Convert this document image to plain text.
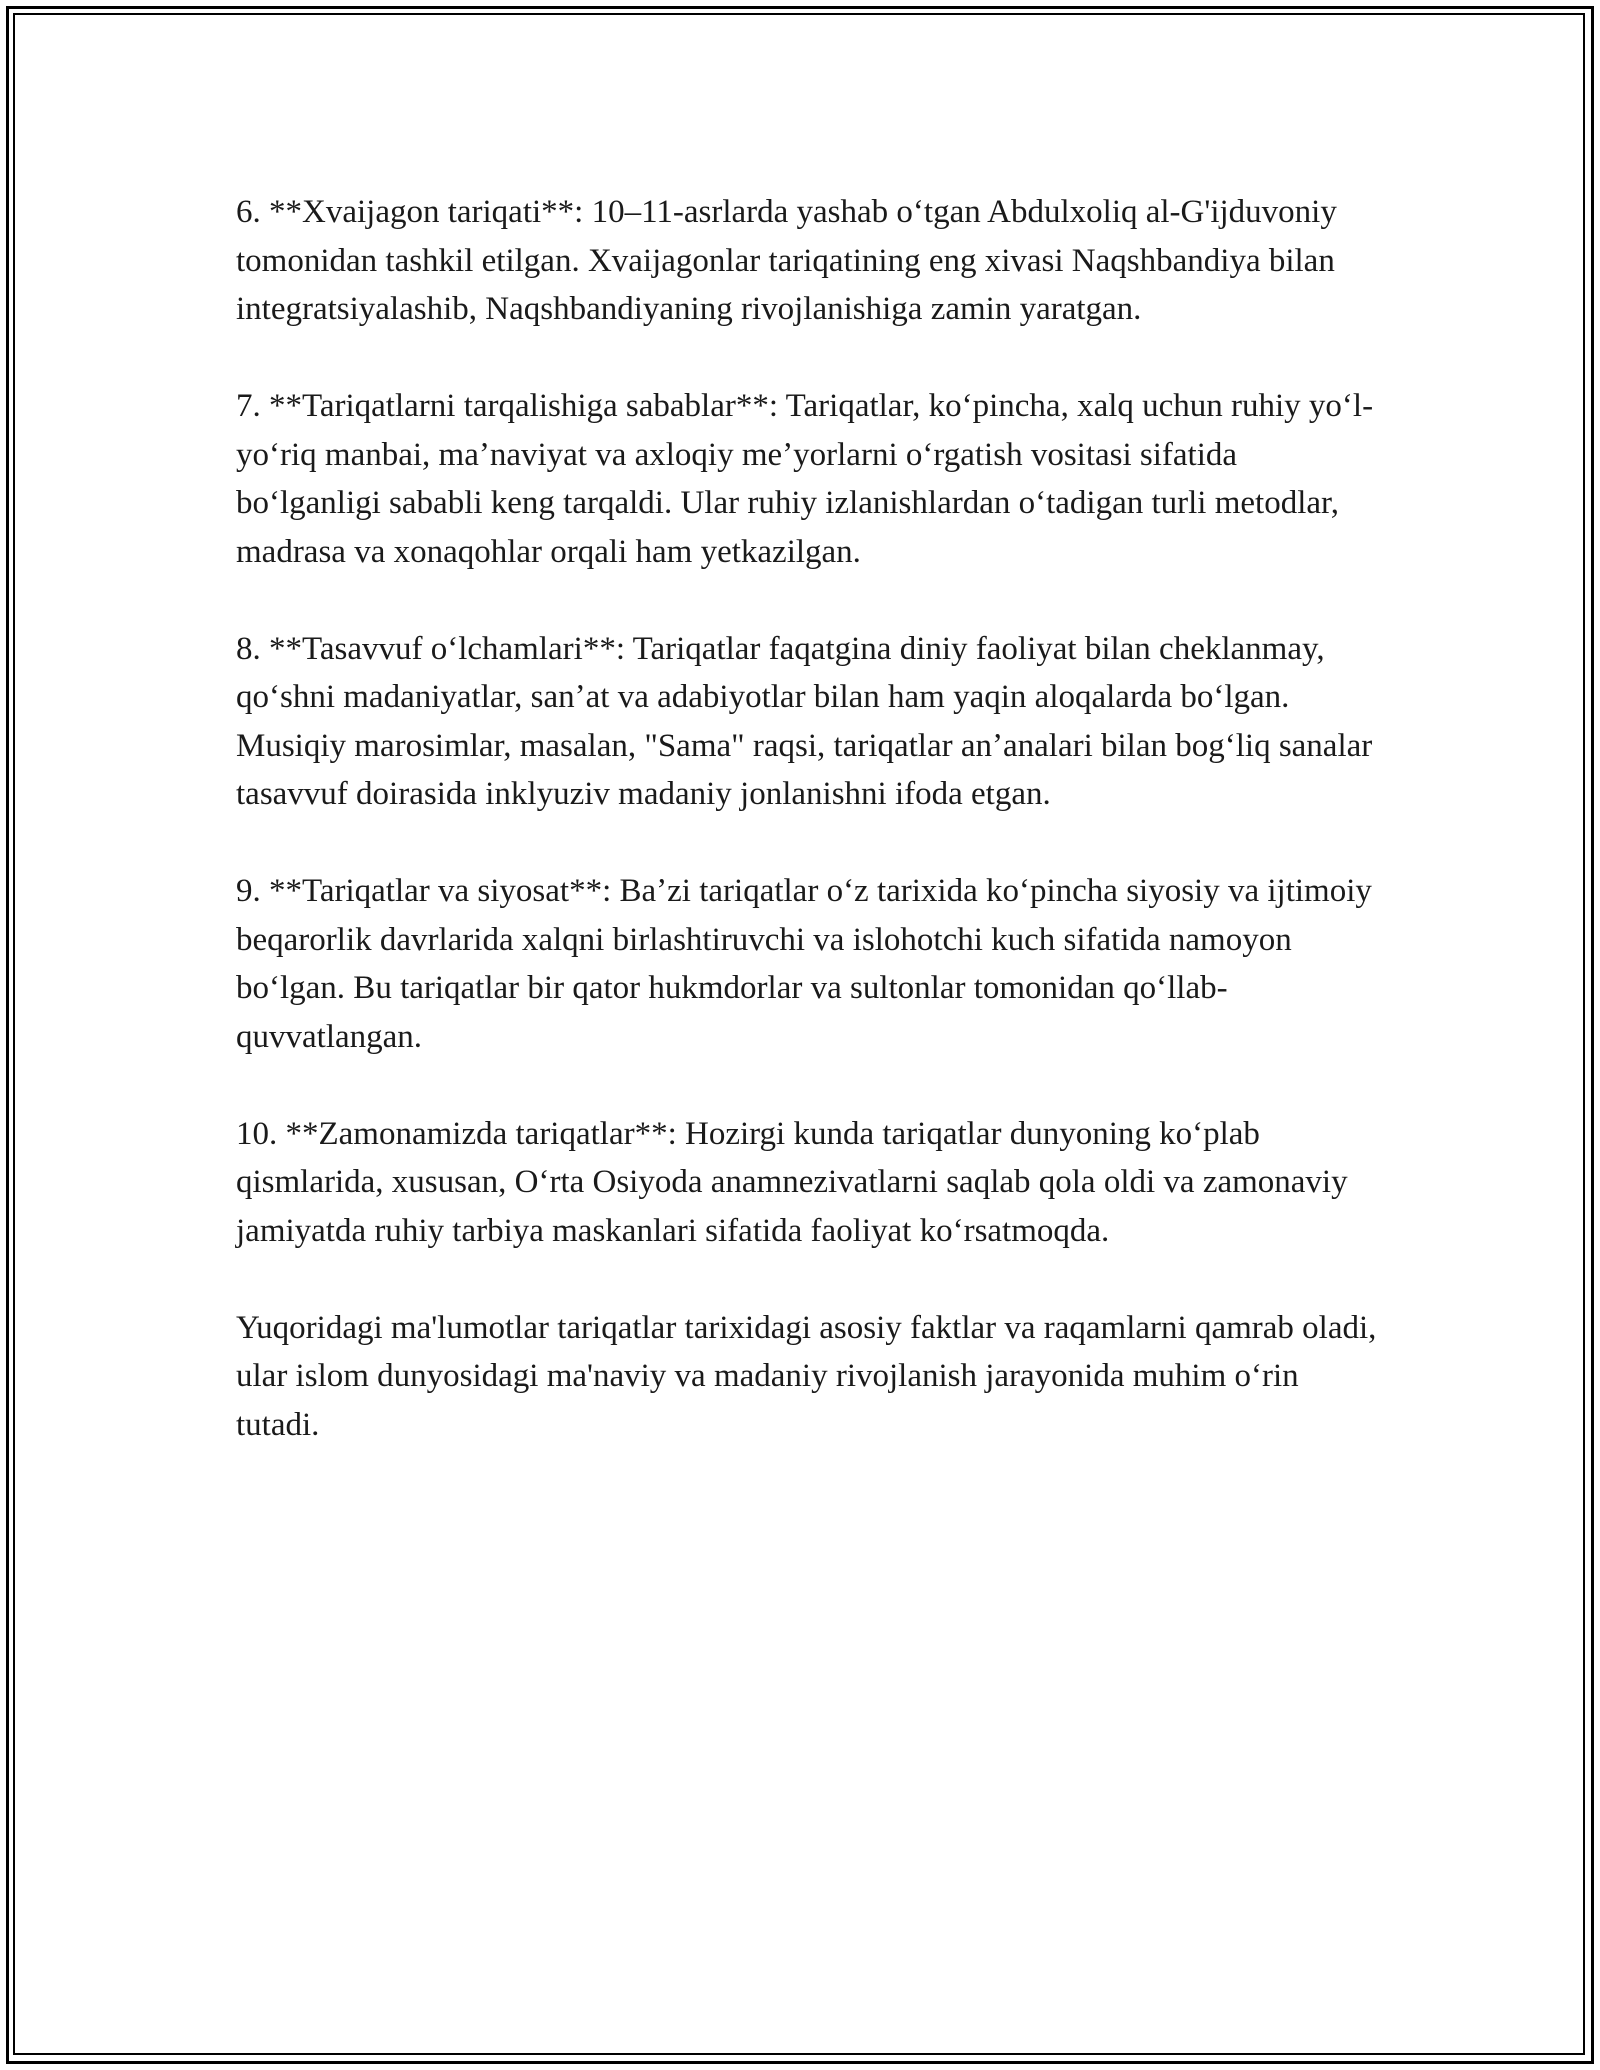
6. **Xvaijagon tariqati**: 10–11-asrlarda yashab oʻtgan Abdulxoliq al-G'ijduvoniy tomonidan tashkil etilgan. Xvaijagonlar tariqatining eng xivasi Naqshbandiya bilan integratsiyalashib, Naqshbandiyaning rivojlanishiga zamin yaratgan.

7. **Tariqatlarni tarqalishiga sabablar**: Tariqatlar, koʻpincha, xalq uchun ruhiy yoʻl-yoʻriq manbai, maʼnaviyat va axloqiy meʼyorlarni oʻrgatish vositasi sifatida boʻlganligi sababli keng tarqaldi. Ular ruhiy izlanishlardan oʻtadigan turli metodlar, madrasa va xonaqohlar orqali ham yetkazilgan.

8. **Tasavvuf oʻlchamlari**: Tariqatlar faqatgina diniy faoliyat bilan cheklanmay, qoʻshni madaniyatlar, sanʼat va adabiyotlar bilan ham yaqin aloqalarda boʻlgan. Musiqiy marosimlar, masalan, "Sama" raqsi, tariqatlar anʼanalari bilan bogʻliq sanalar tasavvuf doirasida inklyuziv madaniy jonlanishni ifoda etgan.

9. **Tariqatlar va siyosat**: Baʼzi tariqatlar oʻz tarixida koʻpincha siyosiy va ijtimoiy beqarorlik davrlarida xalqni birlashtiruvchi va islohotchi kuch sifatida namoyon boʻlgan. Bu tariqatlar bir qator hukmdorlar va sultonlar tomonidan qoʻllab-quvvatlangan.

10. **Zamonamizda tariqatlar**: Hozirgi kunda tariqatlar dunyoning koʻplab qismlarida, xususan, Oʻrta Osiyoda anamnezivatlarni saqlab qola oldi va zamonaviy jamiyatda ruhiy tarbiya maskanlari sifatida faoliyat koʻrsatmoqda.

Yuqoridagi ma'lumotlar tariqatlar tarixidagi asosiy faktlar va raqamlarni qamrab oladi, ular islom dunyosidagi ma'naviy va madaniy rivojlanish jarayonida muhim oʻrin tutadi.
